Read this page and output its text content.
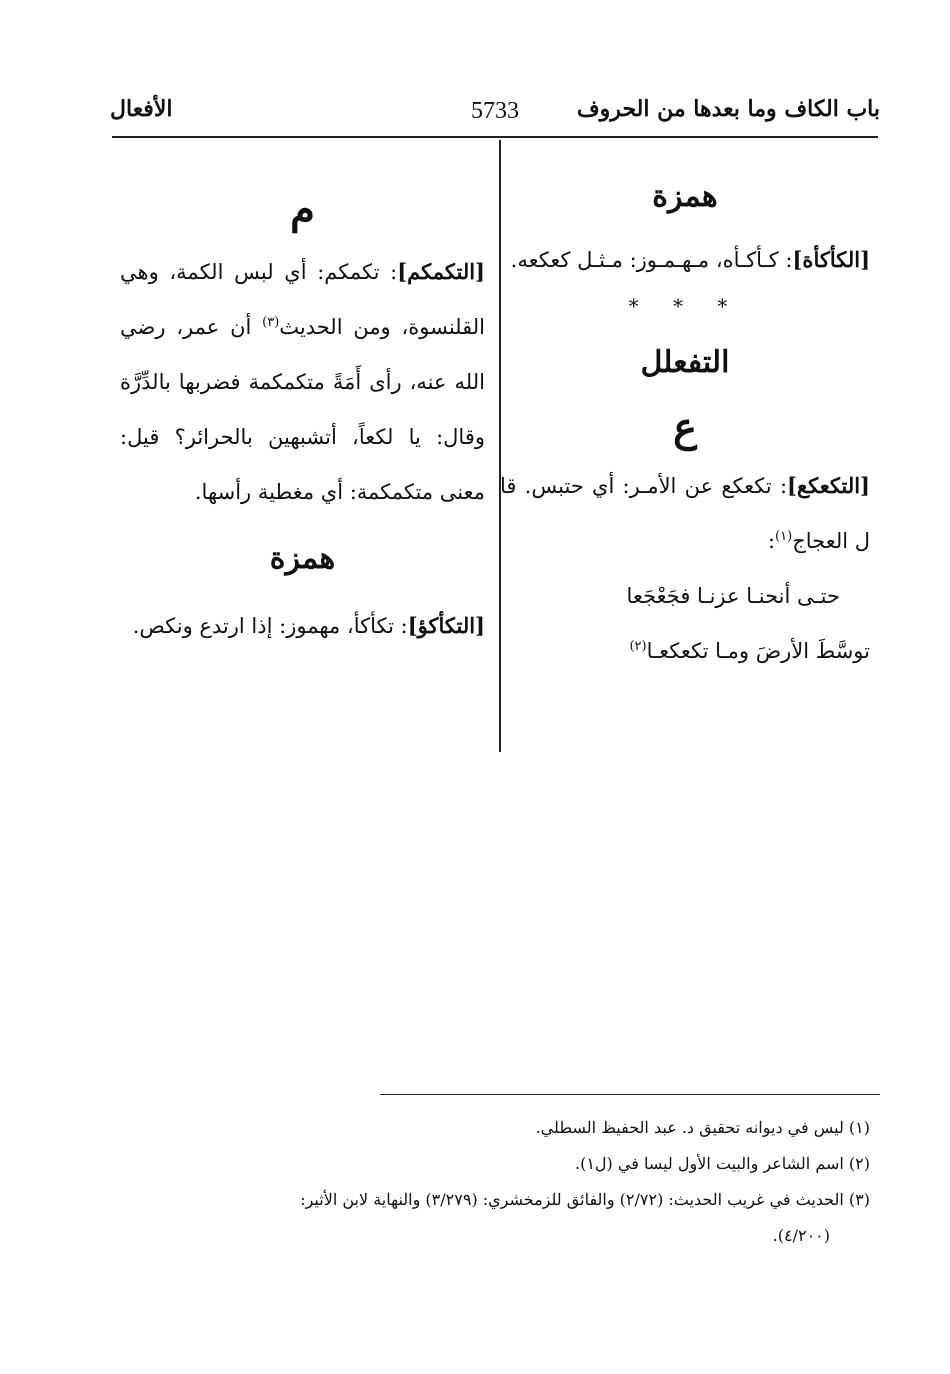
باب الكاف وما بعدها من الحروف
5733
الأفعال
همزة

[الكأكأة]: كـأكـأه، مـهـمـوز: مـثـل كعكعه.

* * *
التفعلل
ع

[التكعكع]: تكعكع عن الأمـر: أي حتبس. قا ل العجاج$^{(١)}$:

حتـى أنحنـا عزنـا فجَعْجَعا
توسَّطَ الأرضَ ومـا تكعكعـا$^{(٢)}$
م

[التكمكم]: تكمكم: أي لبس الكمة، وهي القلنسوة، ومن الحديث$^{(٣)}$ أن عمر، رضي الله عنه، رأى أَمَةً متكمكمة فضربها بالدِّرَّة وقال: يا لكعاً، أتشبهين بالحرائر؟ قيل: معنى متكمكمة: أي مغطية رأسها.

همزة

[التكأكؤ]: تكأكأ، مهموز: إذا ارتدع ونكص.

(١) ليس في ديوانه تحقيق د. عبد الحفيظ السطلي.
(٢) اسم الشاعر والبيت الأول ليسا في (ل١).
(٣) الحديث في غريب الحديث: (٢/٧٢) والفائق للزمخشري: (٣/٢٧٩) والنهاية لابن الأثير:
(٤/٢٠٠).
